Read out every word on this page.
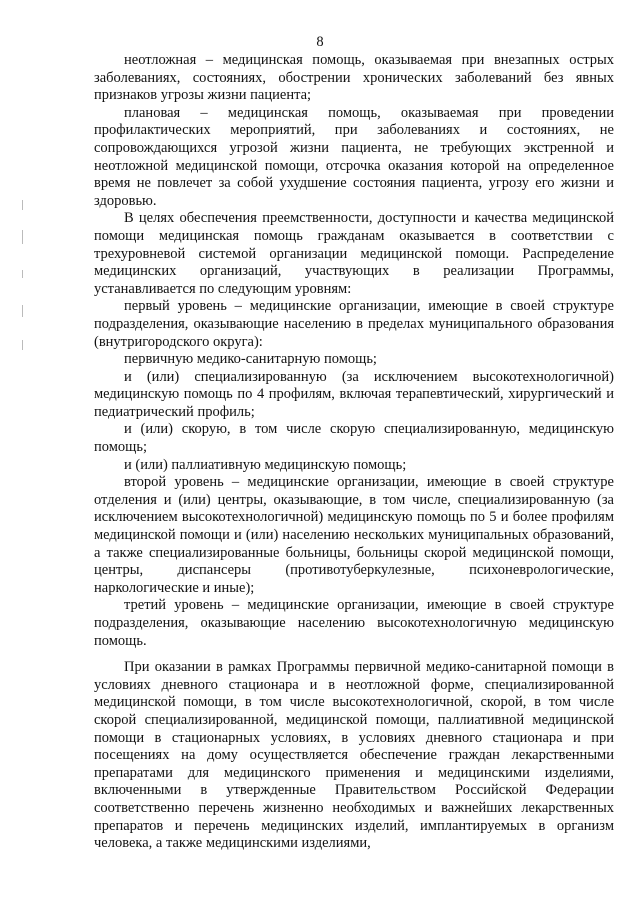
8

неотложная – медицинская помощь, оказываемая при внезапных острых заболеваниях, состояниях, обострении хронических заболеваний без явных признаков угрозы жизни пациента;

плановая – медицинская помощь, оказываемая при проведении профилактических мероприятий, при заболеваниях и состояниях, не сопровождающихся угрозой жизни пациента, не требующих экстренной и неотложной медицинской помощи, отсрочка оказания которой на определенное время не повлечет за собой ухудшение состояния пациента, угрозу его жизни и здоровью.

В целях обеспечения преемственности, доступности и качества медицинской помощи медицинская помощь гражданам оказывается в соответствии с трехуровневой системой организации медицинской помощи. Распределение медицинских организаций, участвующих в реализации Программы, устанавливается по следующим уровням:

первый уровень – медицинские организации, имеющие в своей структуре подразделения, оказывающие населению в пределах муниципального образования (внутригородского округа):

первичную медико-санитарную помощь;

и (или) специализированную (за исключением высокотехнологичной) медицинскую помощь по 4 профилям, включая терапевтический, хирургический и педиатрический профиль;

и (или) скорую, в том числе скорую специализированную, медицинскую помощь;

и (или) паллиативную медицинскую помощь;

второй уровень – медицинские организации, имеющие в своей структуре отделения и (или) центры, оказывающие, в том числе, специализированную (за исключением высокотехнологичной) медицинскую помощь по 5 и более профилям медицинской помощи и (или) населению нескольких муниципальных образований, а также специализированные больницы, больницы скорой медицинской помощи, центры, диспансеры (противотуберкулезные, психоневрологические, наркологические и иные);

третий уровень – медицинские организации, имеющие в своей структуре подразделения, оказывающие населению высокотехнологичную медицинскую помощь.

При оказании в рамках Программы первичной медико-санитарной помощи в условиях дневного стационара и в неотложной форме, специализированной медицинской помощи, в том числе высокотехнологичной, скорой, в том числе скорой специализированной, медицинской помощи, паллиативной медицинской помощи в стационарных условиях, в условиях дневного стационара и при посещениях на дому осуществляется обеспечение граждан лекарственными препаратами для медицинского применения и медицинскими изделиями, включенными в утвержденные Правительством Российской Федерации соответственно перечень жизненно необходимых и важнейших лекарственных препаратов и перечень медицинских изделий, имплантируемых в организм человека, а также медицинскими изделиями,
